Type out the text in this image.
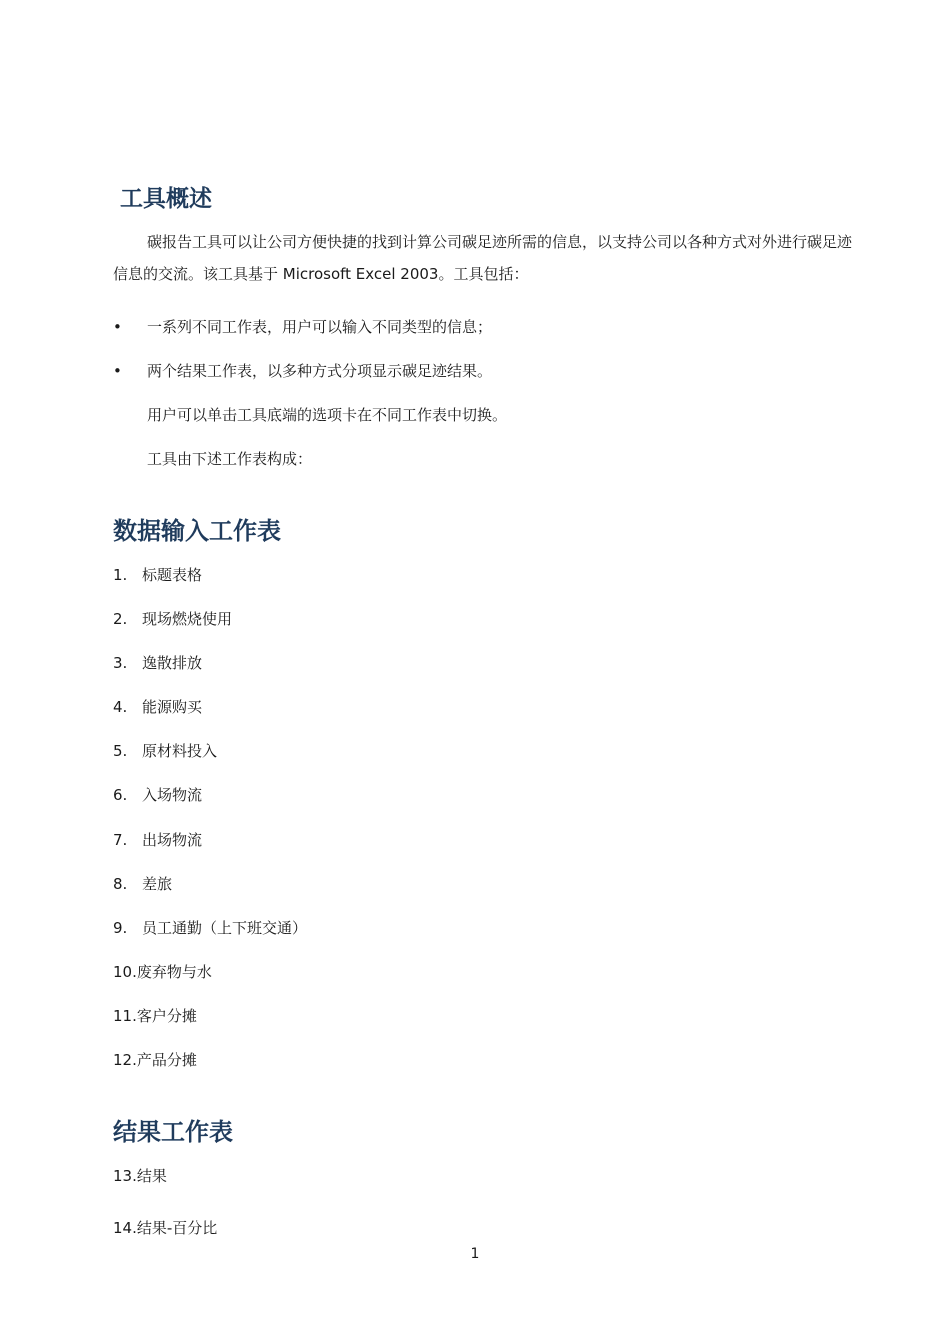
工具概述

碳报告工具可以让公司方便快捷的找到计算公司碳足迹所需的信息，以支持公司以各种方式对外进行碳足迹信息的交流。该工具基于 Microsoft Excel 2003。工具包括：

•	一系列不同工作表，用户可以输入不同类型的信息；
•	两个结果工作表，以多种方式分项显示碳足迹结果。
用户可以单击工具底端的选项卡在不同工作表中切换。
工具由下述工作表构成：
数据输入工作表
1. 标题表格
2. 现场燃烧使用
3. 逸散排放
4. 能源购买
5. 原材料投入
6. 入场物流
7. 出场物流
8. 差旅
9. 员工通勤（上下班交通）
10.废弃物与水
11.客户分摊
12.产品分摊
结果工作表
13.结果
14.结果-百分比
1
